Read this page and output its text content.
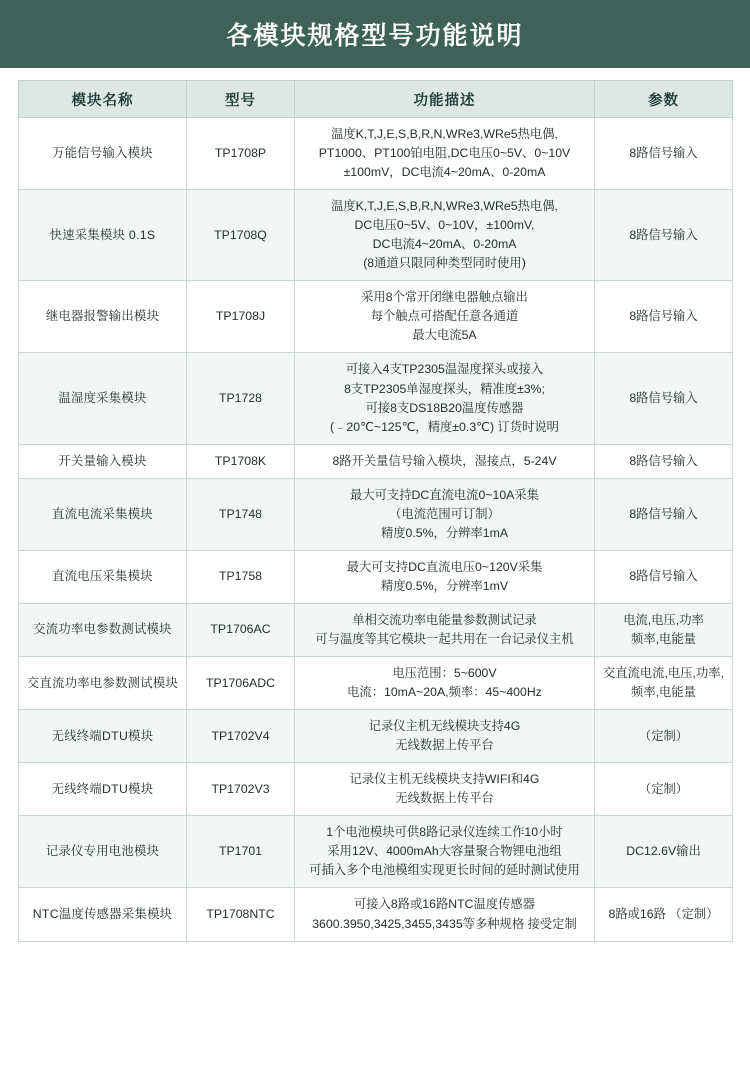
各模块规格型号功能说明
模块名称	型号	功能描述	参数
万能信号输入模块	TP1708P	温度K,T,J,E,S,B,R,N,WRe3,WRe5热电偶,
PT1000、PT100铂电阻,DC电压0~5V、0~10V
±100mV，DC电流4~20mA、0-20mA	8路信号输入

快速采集模块 0.1S	TP1708Q	温度K,T,J,E,S,B,R,N,WRe3,WRe5热电偶,
DC电压0~5V、0~10V，±100mV,
DC电流4~20mA、0-20mA
(8通道只限同种类型同时使用)	8路信号输入

继电器报警输出模块	TP1708J	采用8个常开闭继电器触点输出
每个触点可搭配任意各通道
最大电流5A	8路信号输入

温湿度采集模块	TP1728	可接入4支TP2305温湿度探头或接入
8支TP2305单湿度探头，精准度±3%;
可接8支DS18B20温度传感器
(﹣20℃~125℃，精度±0.3℃) 订货时说明	8路信号输入

开关量输入模块	TP1708K	8路开关量信号输入模块，湿接点，5-24V	8路信号输入

直流电流采集模块	TP1748	最大可支持DC直流电流0~10A采集
（电流范围可订制）
精度0.5%，分辨率1mA	8路信号输入

直流电压采集模块	TP1758	最大可支持DC直流电压0~120V采集
精度0.5%，分辨率1mV	8路信号输入

交流功率电参数测试模块	TP1706AC	单相交流功率电能量参数测试记录
可与温度等其它模块一起共用在一台记录仪主机	电流,电压,功率
频率,电能量

交直流功率电参数测试模块	TP1706ADC	电压范围：5~600V
电流：10mA~20A,频率：45~400Hz	交直流电流,电压,功率,
频率,电能量

无线终端DTU模块	TP1702V4	记录仪主机无线模块支持4G
无线数据上传平台	（定制）

无线终端DTU模块	TP1702V3	记录仪主机无线模块支持WIFI和4G
无线数据上传平台	（定制）

记录仪专用电池模块	TP1701	1个电池模块可供8路记录仪连续工作10小时
采用12V、4000mAh大容量聚合物锂电池组
可插入多个电池模组实现更长时间的延时测试使用	DC12.6V输出

NTC温度传感器采集模块	TP1708NTC	可接入8路或16路NTC温度传感器
3600.3950,3425,3455,3435等多种规格 接受定制	8路或16路 （定制）
